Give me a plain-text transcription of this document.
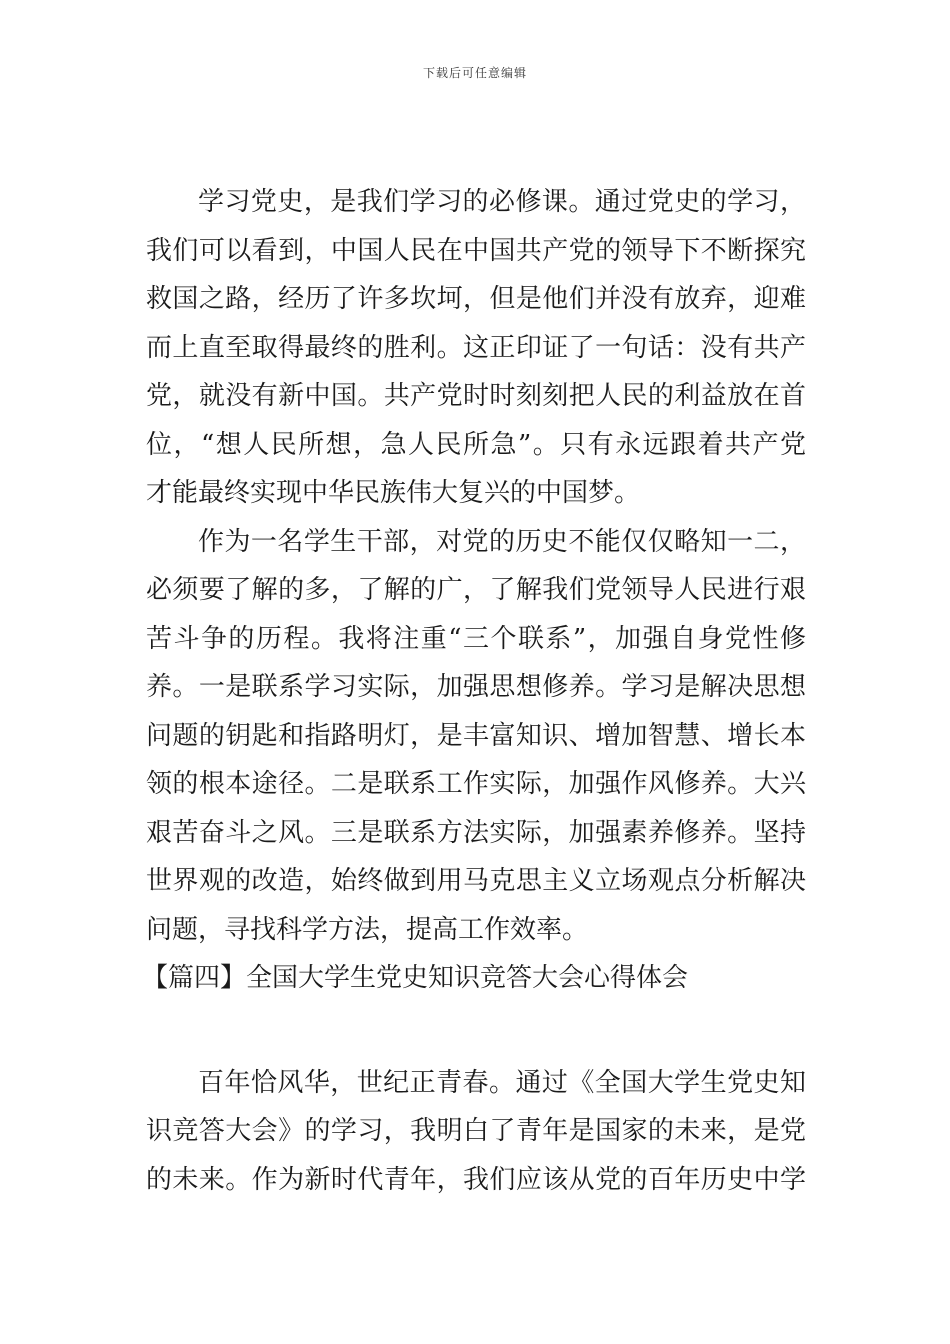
下载后可任意编辑

学习党史，是我们学习的必修课。通过党史的学习，

我们可以看到，中国人民在中国共产党的领导下不断探究

救国之路，经历了许多坎坷，但是他们并没有放弃，迎难

而上直至取得最终的胜利。这正印证了一句话：没有共产

党，就没有新中国。共产党时时刻刻把人民的利益放在首

位，“想人民所想，急人民所急”。只有永远跟着共产党

才能最终实现中华民族伟大复兴的中国梦。

作为一名学生干部，对党的历史不能仅仅略知一二，

必须要了解的多，了解的广，了解我们党领导人民进行艰

苦斗争的历程。我将注重“三个联系”，加强自身党性修

养。一是联系学习实际，加强思想修养。学习是解决思想

问题的钥匙和指路明灯，是丰富知识、增加智慧、增长本

领的根本途径。二是联系工作实际，加强作风修养。大兴

艰苦奋斗之风。三是联系方法实际，加强素养修养。坚持

世界观的改造，始终做到用马克思主义立场观点分析解决

问题，寻找科学方法，提高工作效率。

【篇四】全国大学生党史知识竞答大会心得体会

百年恰风华，世纪正青春。通过《全国大学生党史知

识竞答大会》的学习，我明白了青年是国家的未来，是党

的未来。作为新时代青年，我们应该从党的百年历史中学
